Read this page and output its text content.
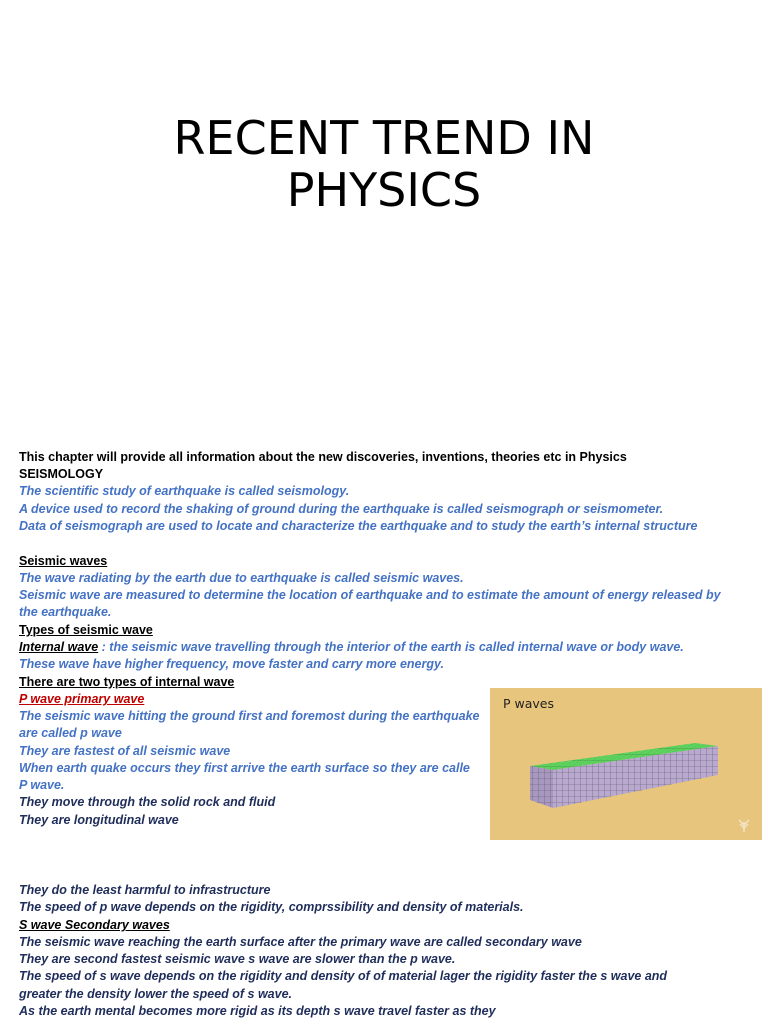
RECENT TREND IN
PHYSICS
This chapter will provide all information about the new discoveries, inventions, theories etc in Physics
SEISMOLOGY
The scientific study of earthquake is called seismology.
A device used to record the shaking of ground during the earthquake is called seismograph or seismometer.
Data of seismograph are used to locate and characterize the earthquake and to study the earth’s internal structure
Seismic waves
The wave radiating by the earth due to earthquake is called seismic waves.
Seismic wave are measured to determine the location of earthquake and to estimate the amount of energy released by
the earthquake.
Types of seismic wave
Internal wave : the seismic wave travelling through the interior of the earth is called internal wave or body wave.
These wave have higher frequency, move faster and carry more energy.
There are two types of internal wave
P wave primary wave
The seismic wave hitting the ground first and foremost during the earthquake
are called p wave
They are fastest of all seismic wave
When earth quake occurs they first arrive the earth surface so they are calle
P wave.
They move through the solid rock and fluid
They are longitudinal wave
P waves
They do the least harmful to infrastructure
The speed of p wave depends on the rigidity, comprssibility and density of materials.
S wave Secondary waves
The seismic wave reaching the earth surface after the primary wave are called secondary wave
They are second fastest seismic wave s wave are slower than the p wave.
The speed of s wave depends on the rigidity and density of of material lager the rigidity faster the s wave and
greater the density lower the speed of s wave.
As the earth mental becomes more rigid as its depth s wave travel faster as they
